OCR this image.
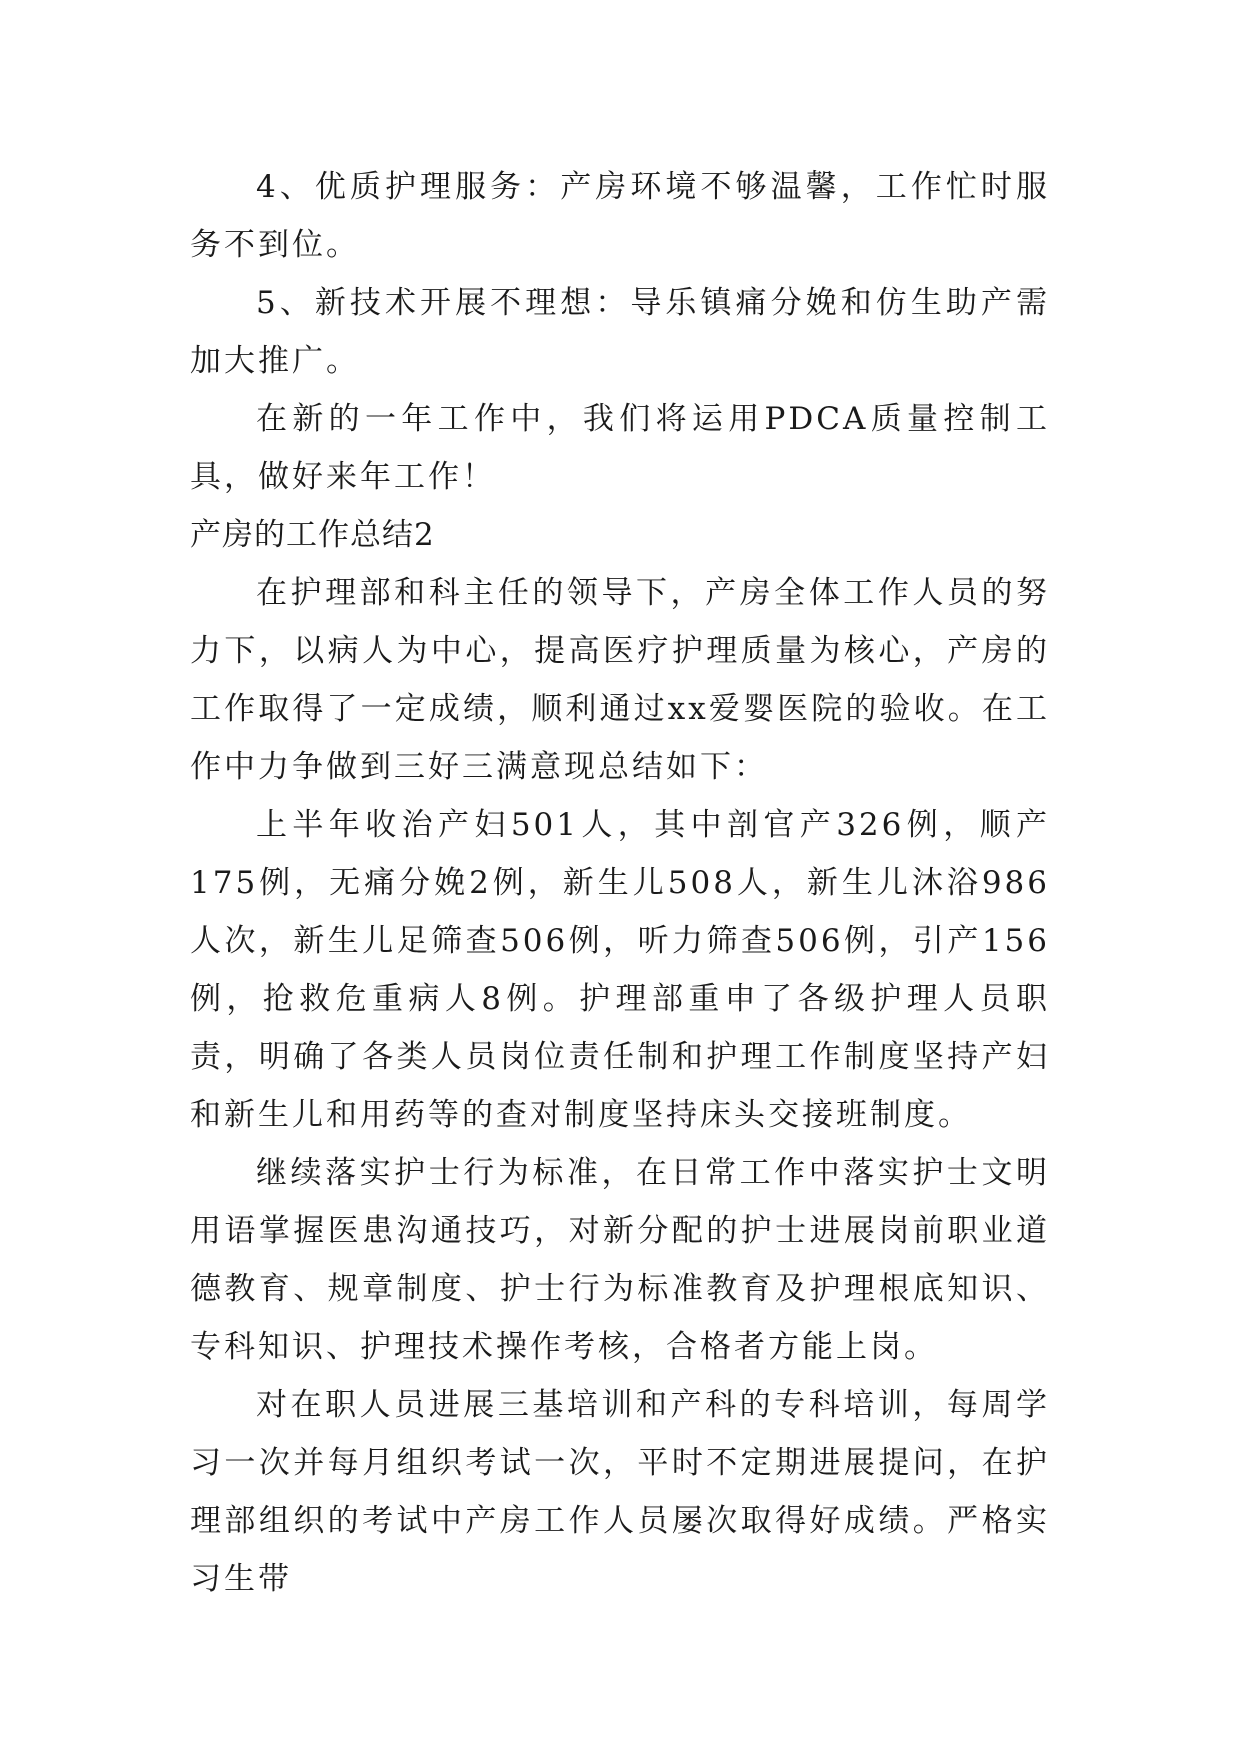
4、优质护理服务：产房环境不够温馨，工作忙时服务不到位。

5、新技术开展不理想：导乐镇痛分娩和仿生助产需加大推广。

在新的一年工作中，我们将运用PDCA质量控制工具，做好来年工作！

产房的工作总结2

在护理部和科主任的领导下，产房全体工作人员的努力下，以病人为中心，提高医疗护理质量为核心，产房的工作取得了一定成绩，顺利通过xx爱婴医院的验收。在工作中力争做到三好三满意现总结如下：

上半年收治产妇501人，其中剖官产326例，顺产175例，无痛分娩2例，新生儿508人，新生儿沐浴986人次，新生儿足筛查506例，听力筛查506例，引产156例，抢救危重病人8例。护理部重申了各级护理人员职责，明确了各类人员岗位责任制和护理工作制度坚持产妇和新生儿和用药等的查对制度坚持床头交接班制度。

继续落实护士行为标准，在日常工作中落实护士文明用语掌握医患沟通技巧，对新分配的护士进展岗前职业道德教育、规章制度、护士行为标准教育及护理根底知识、专科知识、护理技术操作考核，合格者方能上岗。

对在职人员进展三基培训和产科的专科培训，每周学习一次并每月组织考试一次，平时不定期进展提问，在护理部组织的考试中产房工作人员屡次取得好成绩。严格实习生带
